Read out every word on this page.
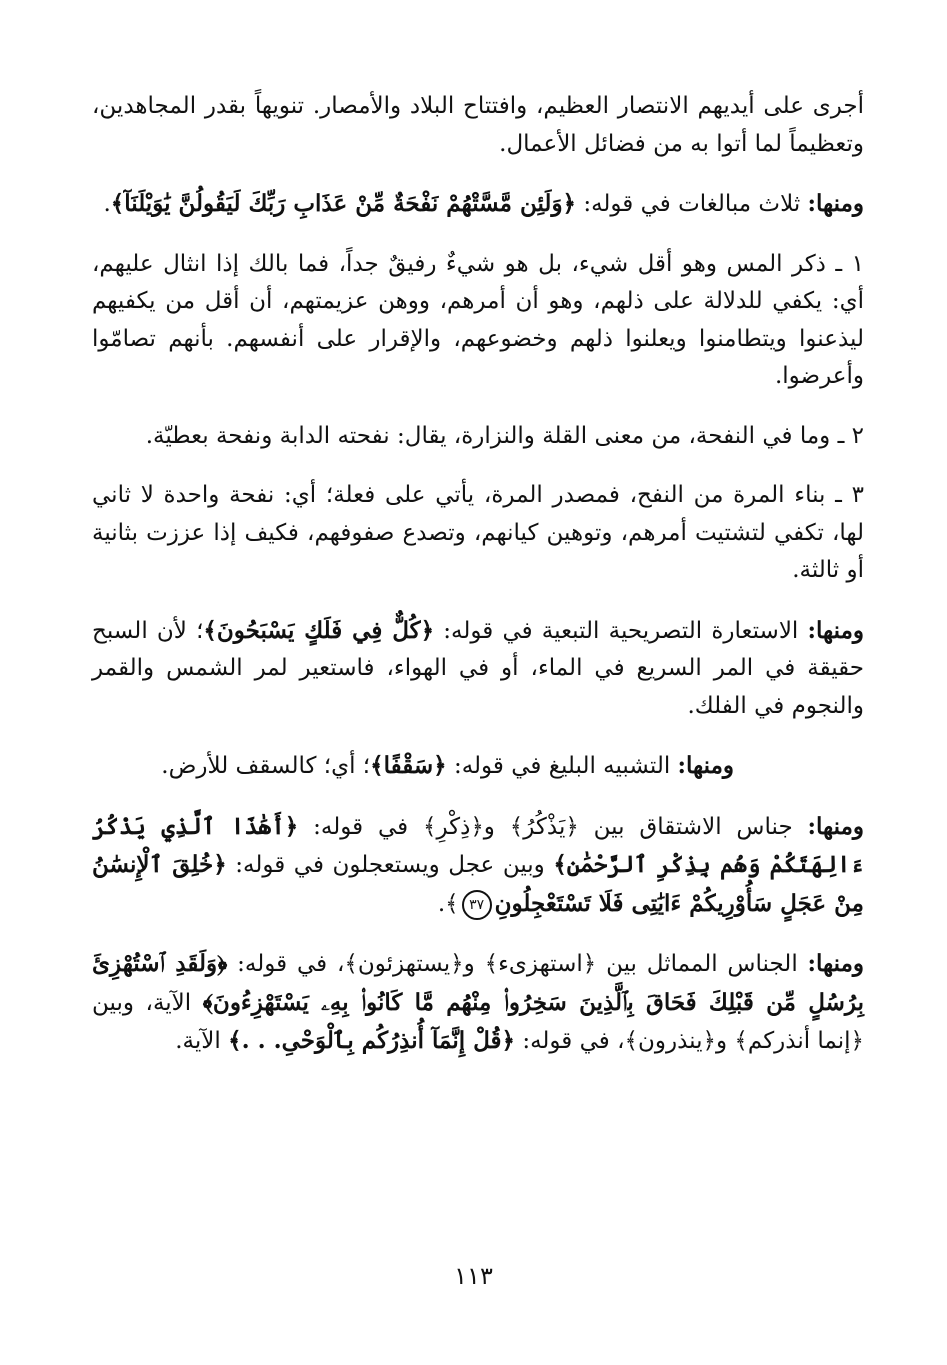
أجرى على أيديهم الانتصار العظيم، وافتتاح البلاد والأمصار. تنويهاً بقدر المجاهدين، وتعظيماً لما أتوا به من فضائل الأعمال.

ومنها: ثلاث مبالغات في قوله: ﴿وَلَئِن مَّسَّتْهُمْ نَفْحَةٌ مِّنْ عَذَابِ رَبِّكَ لَيَقُولُنَّ يَٰوَيْلَنَآ﴾.

١ ـ ذكر المس وهو أقل شيء، بل هو شيءٌ رفيقٌ جداً، فما بالك إذا انثال عليهم، أي: يكفي للدلالة على ذلهم، وهو أن أمرهم، ووهن عزيمتهم، أن أقل من يكفيهم ليذعنوا ويتطامنوا ويعلنوا ذلهم وخضوعهم، والإقرار على أنفسهم. بأنهم تصامّوا وأعرضوا.

٢ ـ وما في النفحة، من معنى القلة والنزارة، يقال: نفحته الدابة ونفحة بعطيّة.

٣ ـ بناء المرة من النفح، فمصدر المرة، يأتي على فعلة؛ أي: نفحة واحدة لا ثاني لها، تكفي لتشتيت أمرهم، وتوهين كيانهم، وتصدع صفوفهم، فكيف إذا عززت بثانية أو ثالثة.

ومنها: الاستعارة التصريحية التبعية في قوله: ﴿كُلٌّ فِي فَلَكٍ يَسْبَحُونَ﴾؛ لأن السبح حقيقة في المر السريع في الماء، أو في الهواء، فاستعير لمر الشمس والقمر والنجوم في الفلك.

ومنها: التشبيه البليغ في قوله: ﴿سَقْفًا﴾؛ أي؛ كالسقف للأرض.

ومنها: جناس الاشتقاق بين ﴿يَذْكُرُ﴾ و﴿ذِكْرِ﴾ في قوله: ﴿أَهَٰذَا ٱلَّذِي يَذْكُرُ ءَالِهَتَكُمْ وَهُم بِذِكْرِ ٱلرَّحْمَٰنِ﴾ وبين عجل ويستعجلون في قوله: ﴿خُلِقَ ٱلْإِنسَٰنُ مِنْ عَجَلٍ سَأُوْرِيكُمْ ءَايَٰتِى فَلَا تَسْتَعْجِلُونِ٣٧﴾.

ومنها: الجناس المماثل بين ﴿استهزىء﴾ و﴿يستهزئون﴾، في قوله: ﴿وَلَقَدِ ٱسْتُهْزِئَ بِرُسُلٍ مِّن قَبْلِكَ فَحَاقَ بِٱلَّذِينَ سَخِرُوا۟ مِنْهُم مَّا كَانُوا۟ بِهِۦ يَسْتَهْزِءُونَ﴾ الآية، وبين ﴿إنما أنذركم﴾ و﴿ينذرون﴾، في قوله: ﴿قُلْ إِنَّمَآ أُنذِرُكُم بِٱلْوَحْىِ. . .﴾ الآية.

١١٣
